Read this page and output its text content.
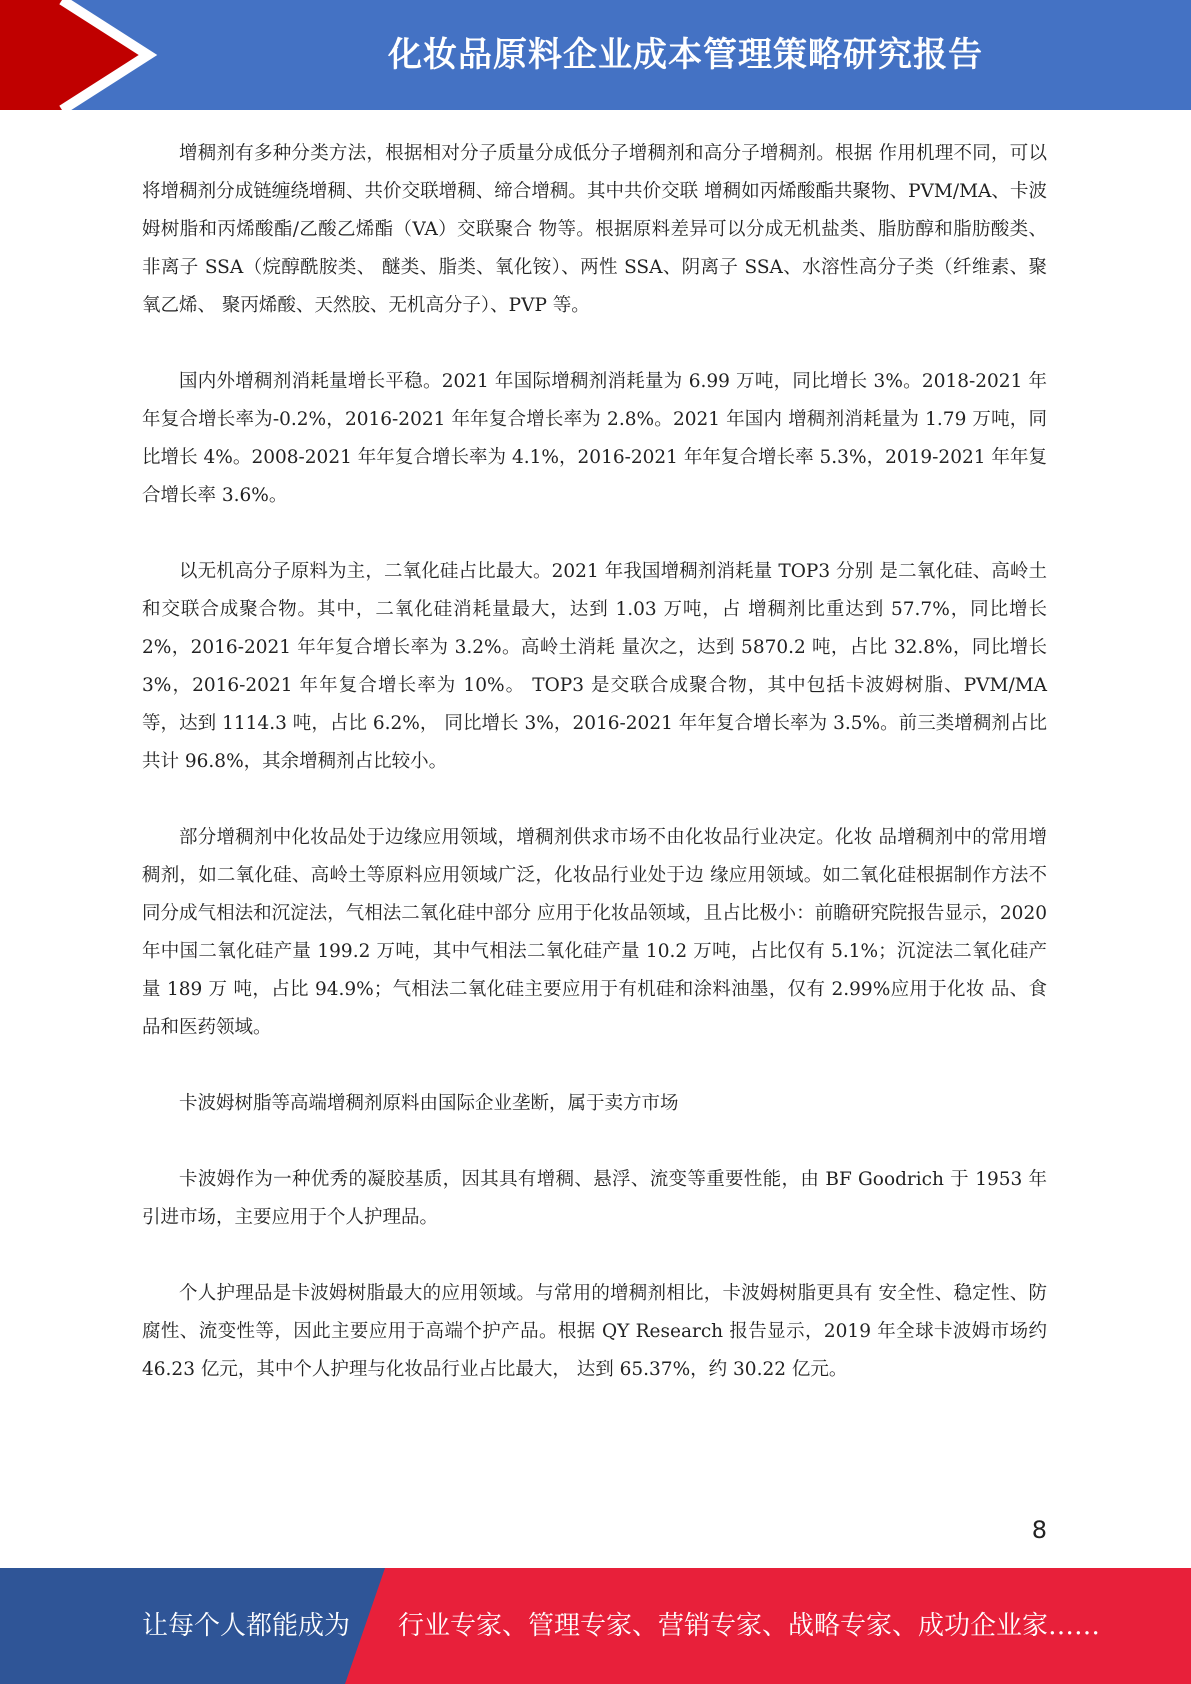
化妆品原料企业成本管理策略研究报告

增稠剂有多种分类方法，根据相对分子质量分成低分子增稠剂和高分子增稠剂。根据 作用机理不同，可以将增稠剂分成链缠绕增稠、共价交联增稠、缔合增稠。其中共价交联 增稠如丙烯酸酯共聚物、PVM/MA、卡波姆树脂和丙烯酸酯/乙酸乙烯酯（VA）交联聚合 物等。根据原料差异可以分成无机盐类、脂肪醇和脂肪酸类、非离子 SSA（烷醇酰胺类、 醚类、脂类、氧化铵）、两性 SSA、阴离子 SSA、水溶性高分子类（纤维素、聚氧乙烯、 聚丙烯酸、天然胶、无机高分子）、PVP 等。

国内外增稠剂消耗量增长平稳。2021 年国际增稠剂消耗量为 6.99 万吨，同比增长 3%。2018-2021 年年复合增长率为-0.2%，2016-2021 年年复合增长率为 2.8%。2021 年国内 增稠剂消耗量为 1.79 万吨，同比增长 4%。2008-2021 年年复合增长率为 4.1%，2016-2021 年年复合增长率 5.3%，2019-2021 年年复合增长率 3.6%。

以无机高分子原料为主，二氧化硅占比最大。2021 年我国增稠剂消耗量 TOP3 分别 是二氧化硅、高岭土和交联合成聚合物。其中，二氧化硅消耗量最大，达到 1.03 万吨，占 增稠剂比重达到 57.7%，同比增长 2%，2016-2021 年年复合增长率为 3.2%。高岭土消耗 量次之，达到 5870.2 吨，占比 32.8%，同比增长 3%，2016-2021 年年复合增长率为 10%。 TOP3 是交联合成聚合物，其中包括卡波姆树脂、PVM/MA 等，达到 1114.3 吨，占比 6.2%， 同比增长 3%，2016-2021 年年复合增长率为 3.5%。前三类增稠剂占比共计 96.8%，其余增稠剂占比较小。

部分增稠剂中化妆品处于边缘应用领域，增稠剂供求市场不由化妆品行业决定。化妆 品增稠剂中的常用增稠剂，如二氧化硅、高岭土等原料应用领域广泛，化妆品行业处于边 缘应用领域。如二氧化硅根据制作方法不同分成气相法和沉淀法，气相法二氧化硅中部分 应用于化妆品领域，且占比极小：前瞻研究院报告显示，2020 年中国二氧化硅产量 199.2 万吨，其中气相法二氧化硅产量 10.2 万吨，占比仅有 5.1%；沉淀法二氧化硅产量 189 万 吨，占比 94.9%；气相法二氧化硅主要应用于有机硅和涂料油墨，仅有 2.99%应用于化妆 品、食品和医药领域。

卡波姆树脂等高端增稠剂原料由国际企业垄断，属于卖方市场

卡波姆作为一种优秀的凝胶基质，因其具有增稠、悬浮、流变等重要性能，由 BF Goodrich 于 1953 年引进市场，主要应用于个人护理品。

个人护理品是卡波姆树脂最大的应用领域。与常用的增稠剂相比，卡波姆树脂更具有 安全性、稳定性、防腐性、流变性等，因此主要应用于高端个护产品。根据 QY Research 报告显示，2019 年全球卡波姆市场约 46.23 亿元，其中个人护理与化妆品行业占比最大， 达到 65.37%，约 30.22 亿元。

8
让每个人都能成为 行业专家、管理专家、营销专家、战略专家、成功企业家……
